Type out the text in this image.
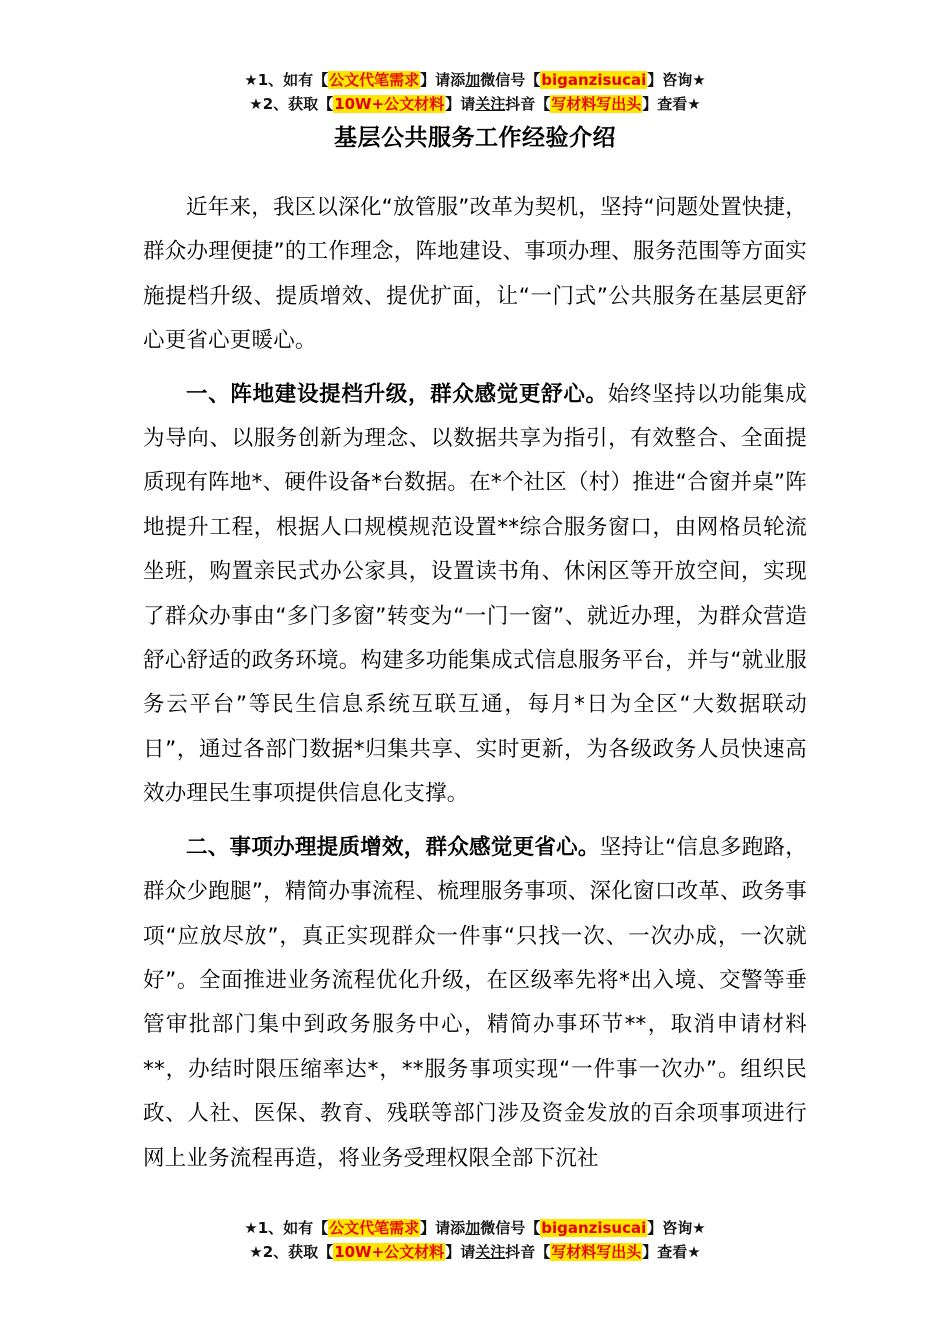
★1、如有【公文代笔需求】请添加微信号【biganzisucai】咨询★
★2、获取【10W+公文材料】请关注抖音【写材料写出头】查看★
基层公共服务工作经验介绍

近年来，我区以深化“放管服”改革为契机，坚持“问题处置快捷，群众办理便捷”的工作理念，阵地建设、事项办理、服务范围等方面实施提档升级、提质增效、提优扩面，让“一门式”公共服务在基层更舒心更省心更暖心。

一、阵地建设提档升级，群众感觉更舒心。始终坚持以功能集成为导向、以服务创新为理念、以数据共享为指引，有效整合、全面提质现有阵地*、硬件设备*台数据。在*个社区（村）推进“合窗并桌”阵地提升工程，根据人口规模规范设置**综合服务窗口，由网格员轮流坐班，购置亲民式办公家具，设置读书角、休闲区等开放空间，实现了群众办事由“多门多窗”转变为“一门一窗”、就近办理，为群众营造舒心舒适的政务环境。构建多功能集成式信息服务平台，并与“就业服务云平台”等民生信息系统互联互通，每月*日为全区“大数据联动日”，通过各部门数据*归集共享、实时更新，为各级政务人员快速高效办理民生事项提供信息化支撑。

二、事项办理提质增效，群众感觉更省心。坚持让“信息多跑路，群众少跑腿”，精简办事流程、梳理服务事项、深化窗口改革、政务事项“应放尽放”，真正实现群众一件事“只找一次、一次办成，一次就好”。全面推进业务流程优化升级，在区级率先将*出入境、交警等垂管审批部门集中到政务服务中心，精简办事环节**，取消申请材料**，办结时限压缩率达*，**服务事项实现“一件事一次办”。组织民政、人社、医保、教育、残联等部门涉及资金发放的百余项事项进行网上业务流程再造，将业务受理权限全部下沉社

★1、如有【公文代笔需求】请添加微信号【biganzisucai】咨询★
★2、获取【10W+公文材料】请关注抖音【写材料写出头】查看★
